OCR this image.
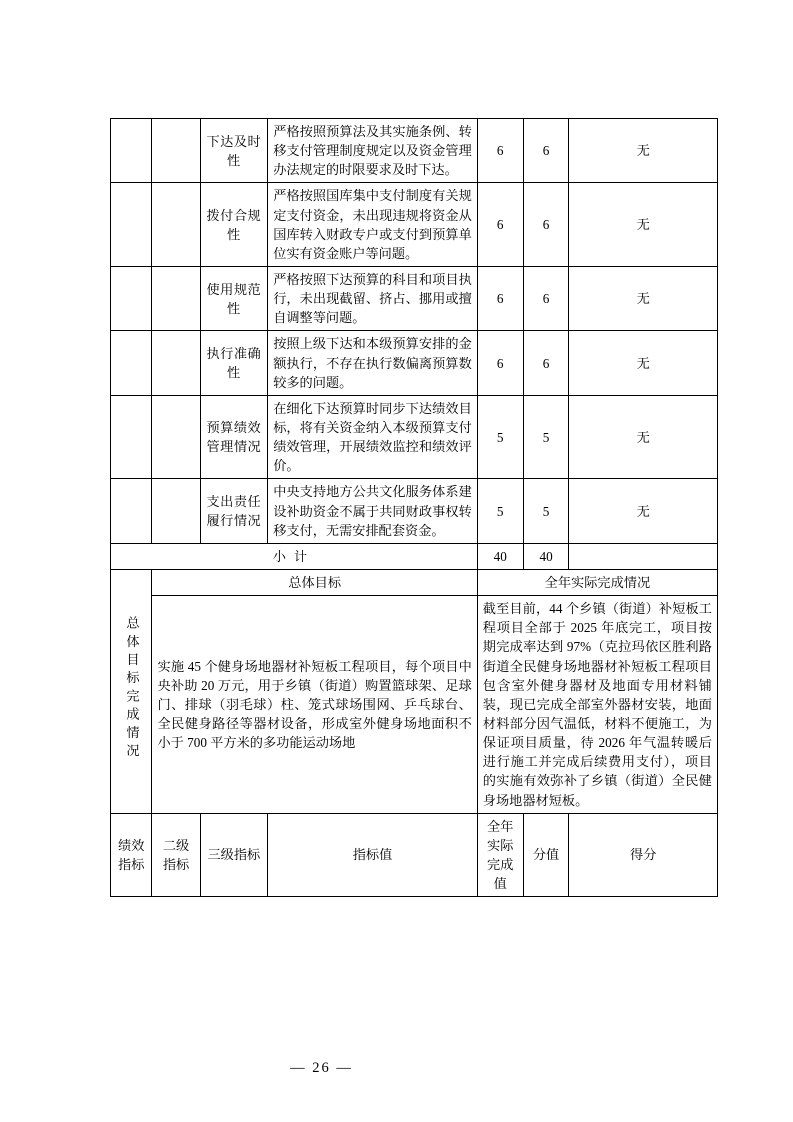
		下达及时性	严格按照预算法及其实施条例、转移支付管理制度规定以及资金管理办法规定的时限要求及时下达。	6	6	无
		拨付合规性	严格按照国库集中支付制度有关规定支付资金，未出现违规将资金从国库转入财政专户或支付到预算单位实有资金账户等问题。	6	6	无
		使用规范性	严格按照下达预算的科目和项目执行，未出现截留、挤占、挪用或擅自调整等问题。	6	6	无
		执行准确性	按照上级下达和本级预算安排的金额执行，不存在执行数偏离预算数较多的问题。	6	6	无
		预算绩效管理情况	在细化下达预算时同步下达绩效目标，将有关资金纳入本级预算支付绩效管理，开展绩效监控和绩效评价。	5	5	无
		支出责任履行情况	中央支持地方公共文化服务体系建设补助资金不属于共同财政事权转移支付，无需安排配套资金。	5	5	无
小计				40	40	
总体目标完成情况	总体目标			全年实际完成情况		
	实施 45 个健身场地器材补短板工程项目，每个项目中央补助 20 万元，用于乡镇（街道）购置篮球架、足球门、排球（羽毛球）柱、笼式球场围网、乒乓球台、全民健身路径等器材设备，形成室外健身场地面积不小于 700 平方米的多功能运动场地			截至目前，44 个乡镇（街道）补短板工程项目全部于 2025 年底完工，项目按期完成率达到 97%（克拉玛依区胜利路街道全民健身场地器材补短板工程项目包含室外健身器材及地面专用材料铺装，现已完成全部室外器材安装，地面材料部分因气温低，材料不便施工，为保证项目质量，待 2026 年气温转暖后进行施工并完成后续费用支付），项目的实施有效弥补了乡镇（街道）全民健身场地器材短板。		
绩效指标	二级指标	三级指标	指标值	全年实际完成值	分值	得分
— 26 —
